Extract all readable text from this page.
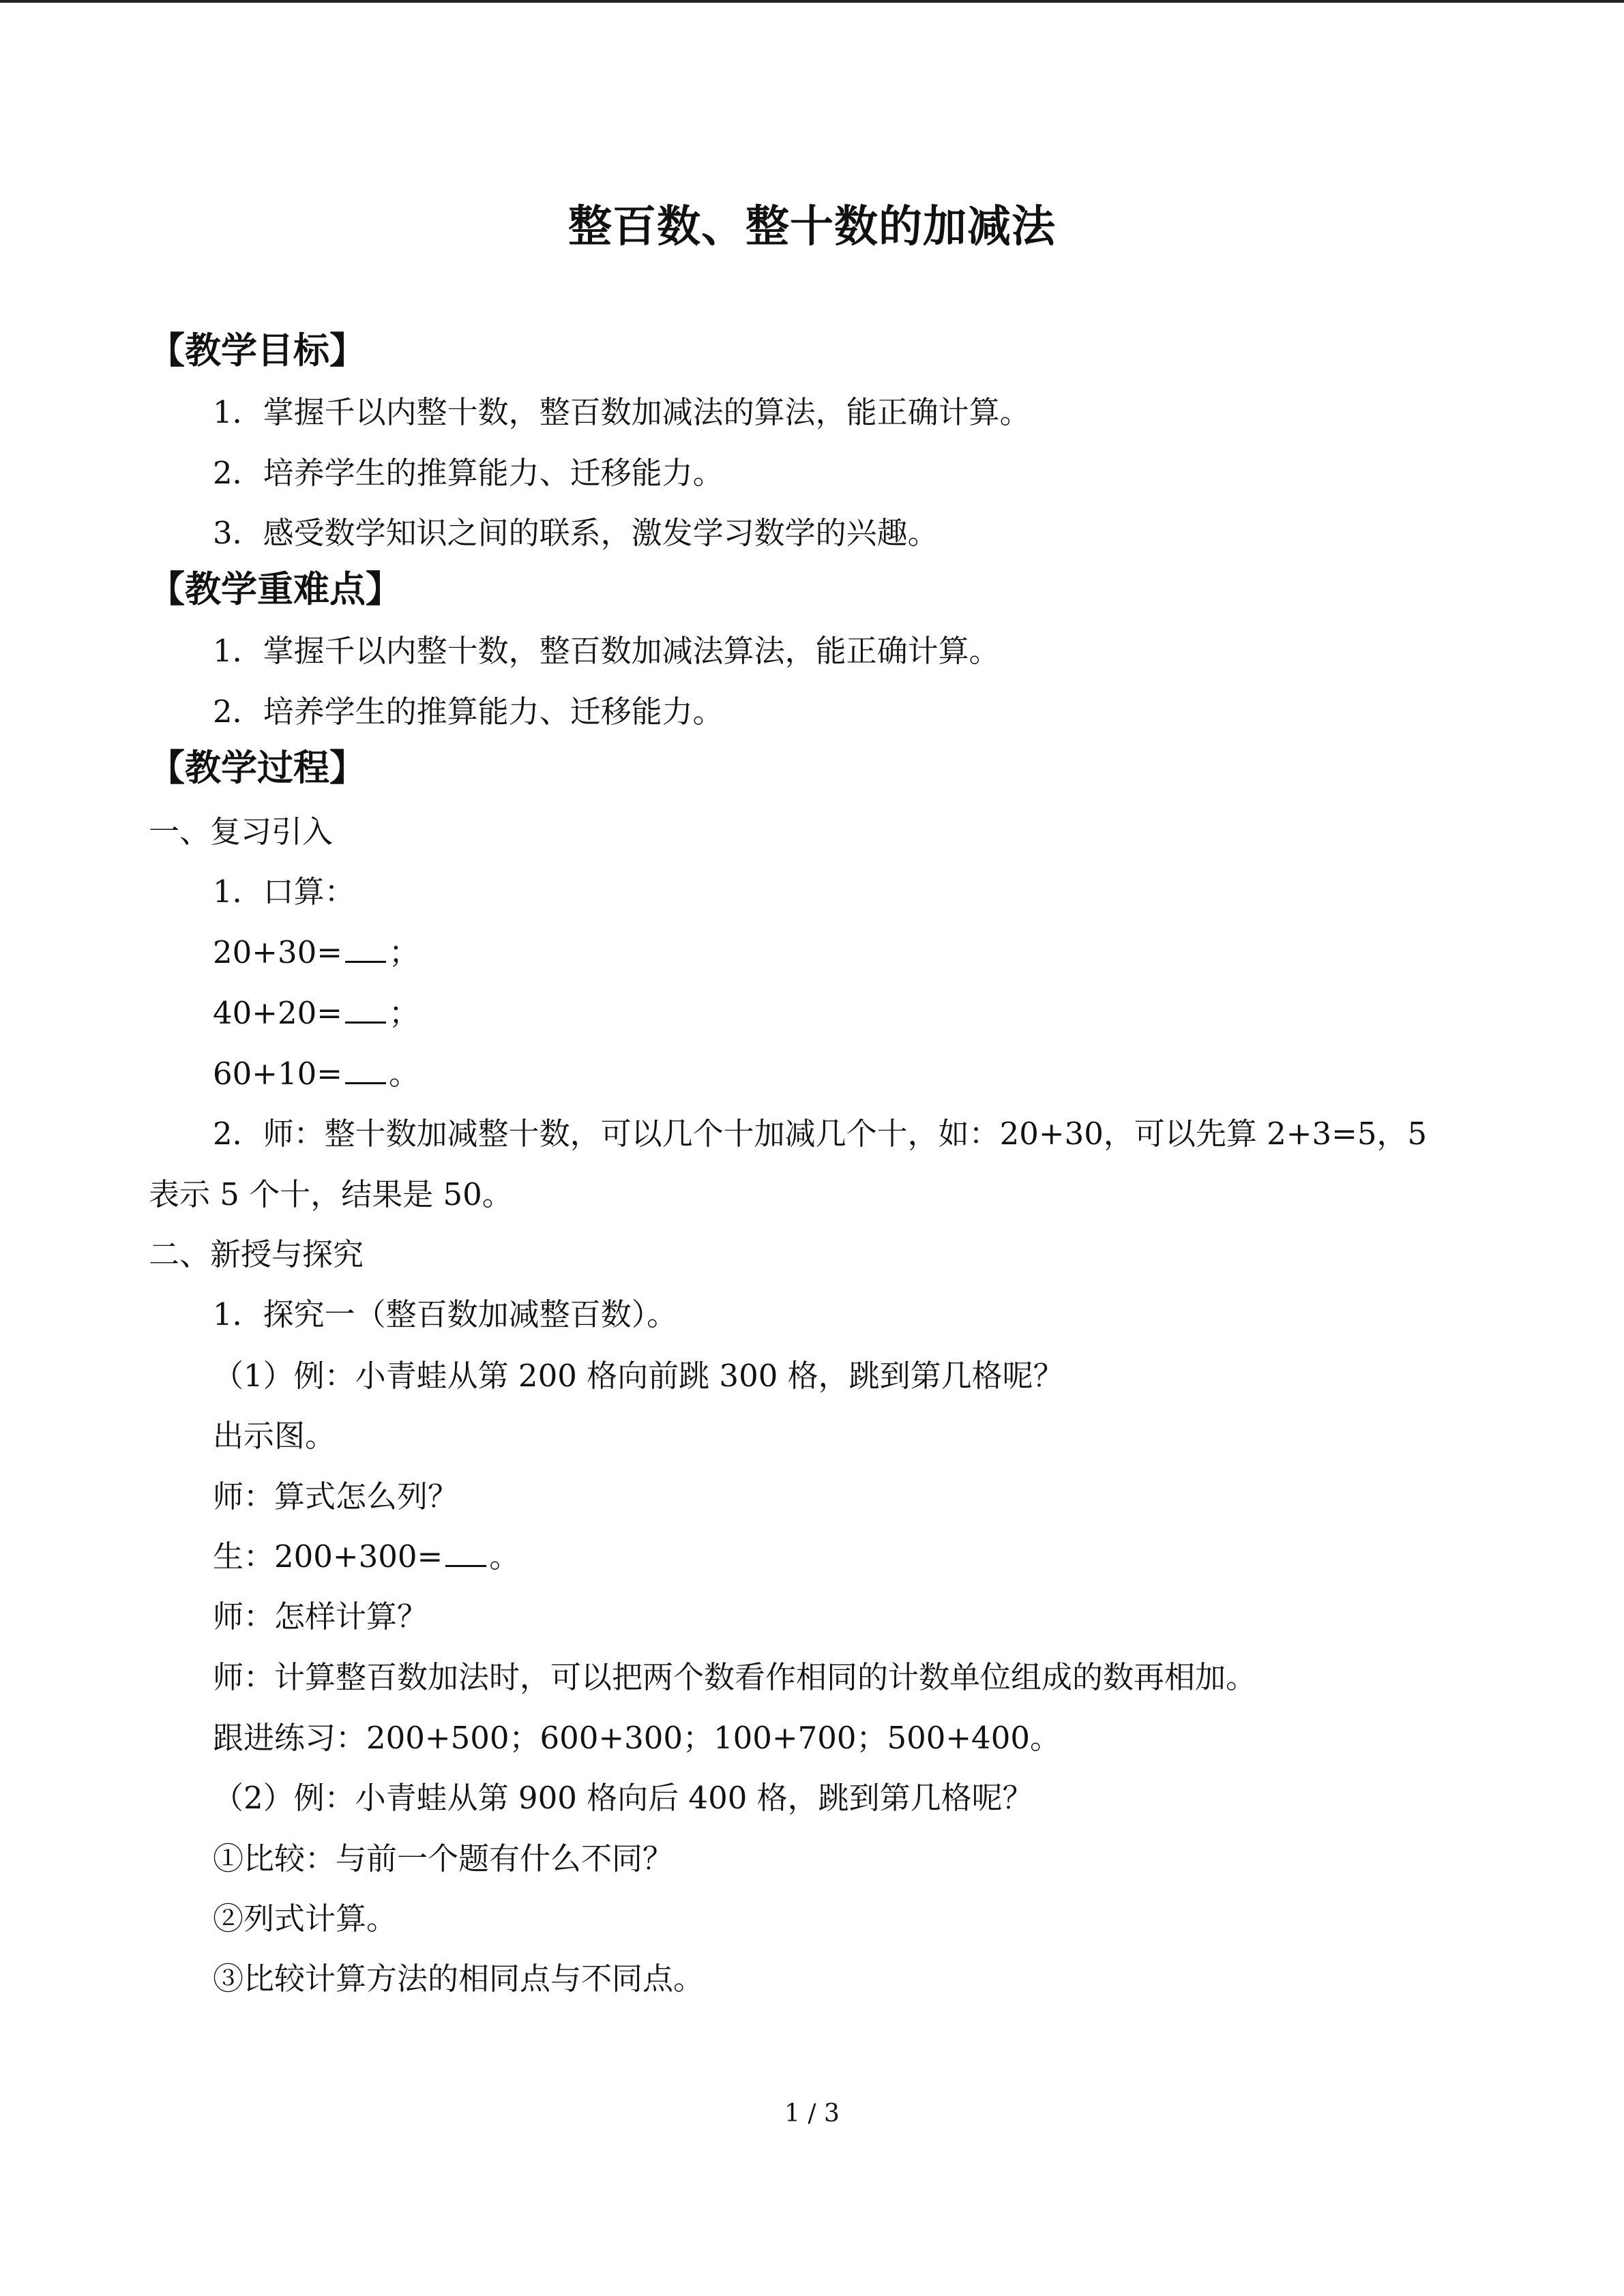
整百数、整十数的加减法

【教学目标】

1．掌握千以内整十数，整百数加减法的算法，能正确计算。

2．培养学生的推算能力、迁移能力。

3．感受数学知识之间的联系，激发学习数学的兴趣。

【教学重难点】

1．掌握千以内整十数，整百数加减法算法，能正确计算。

2．培养学生的推算能力、迁移能力。

【教学过程】

一、复习引入

1．口算：

20+30= ；

40+20= ；

60+10= 。

2．师：整十数加减整十数，可以几个十加减几个十，如：20+30，可以先算 2+3=5，5

表示 5 个十，结果是 50。

二、新授与探究

1．探究一（整百数加减整百数）。

（1）例：小青蛙从第 200 格向前跳 300 格，跳到第几格呢？

出示图。

师：算式怎么列？

生：200+300= 。

师：怎样计算？

师：计算整百数加法时，可以把两个数看作相同的计数单位组成的数再相加。

跟进练习：200+500；600+300；100+700；500+400。

（2）例：小青蛙从第 900 格向后 400 格，跳到第几格呢？

①比较：与前一个题有什么不同？

②列式计算。

③比较计算方法的相同点与不同点。

1 / 3
